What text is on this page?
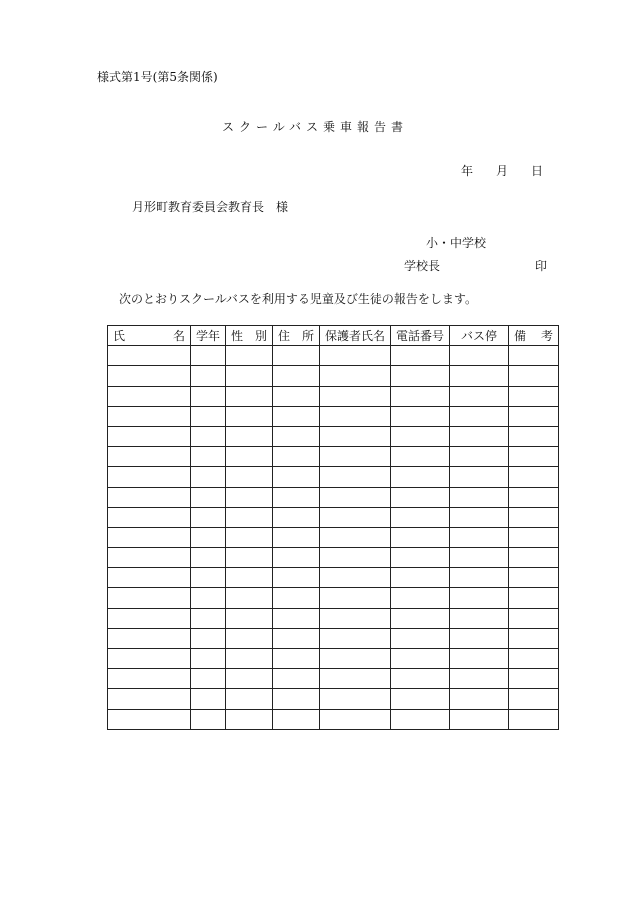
様式第1号(第5条関係)
スクールバス乗車報告書
年 月 日
月形町教育委員会教育長　様
小・中学校
学校長	印
次のとおりスクールバスを利用する児童及び生徒の報告をします。
氏 名	学年	性 別	住 所	保護者氏名	電話番号	バス停	備 考
